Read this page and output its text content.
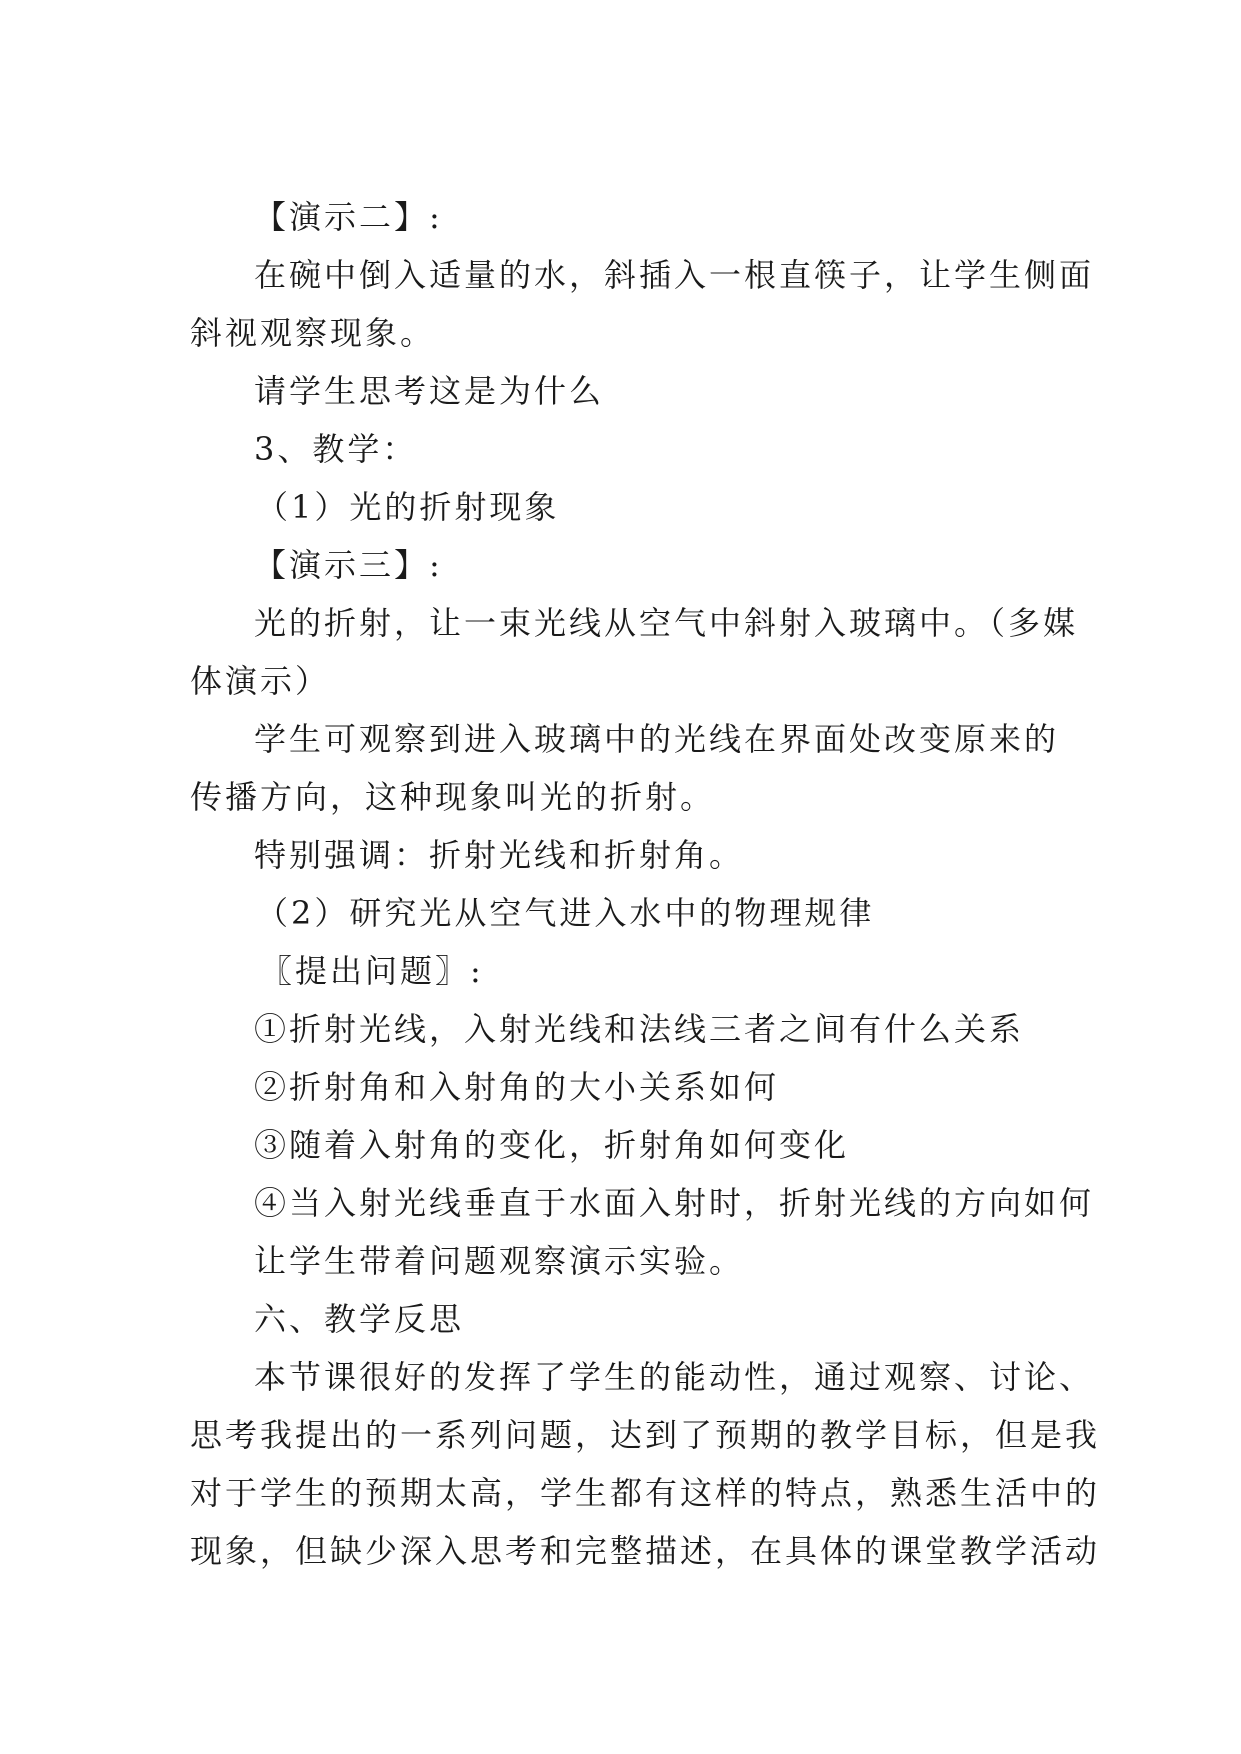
【演示二】:
在碗中倒入适量的水，斜插入一根直筷子，让学生侧面
斜视观察现象。
请学生思考这是为什么
3、教学：
（1）光的折射现象
【演示三】:
光的折射，让一束光线从空气中斜射入玻璃中。（多媒
体演示）
学生可观察到进入玻璃中的光线在界面处改变原来的
传播方向，这种现象叫光的折射。
特别强调：折射光线和折射角。
（2）研究光从空气进入水中的物理规律
〖提出问题〗:
①折射光线，入射光线和法线三者之间有什么关系
②折射角和入射角的大小关系如何
③随着入射角的变化，折射角如何变化
④当入射光线垂直于水面入射时，折射光线的方向如何
让学生带着问题观察演示实验。
六、教学反思
本节课很好的发挥了学生的能动性，通过观察、讨论、
思考我提出的一系列问题，达到了预期的教学目标，但是我
对于学生的预期太高，学生都有这样的特点，熟悉生活中的
现象，但缺少深入思考和完整描述，在具体的课堂教学活动
